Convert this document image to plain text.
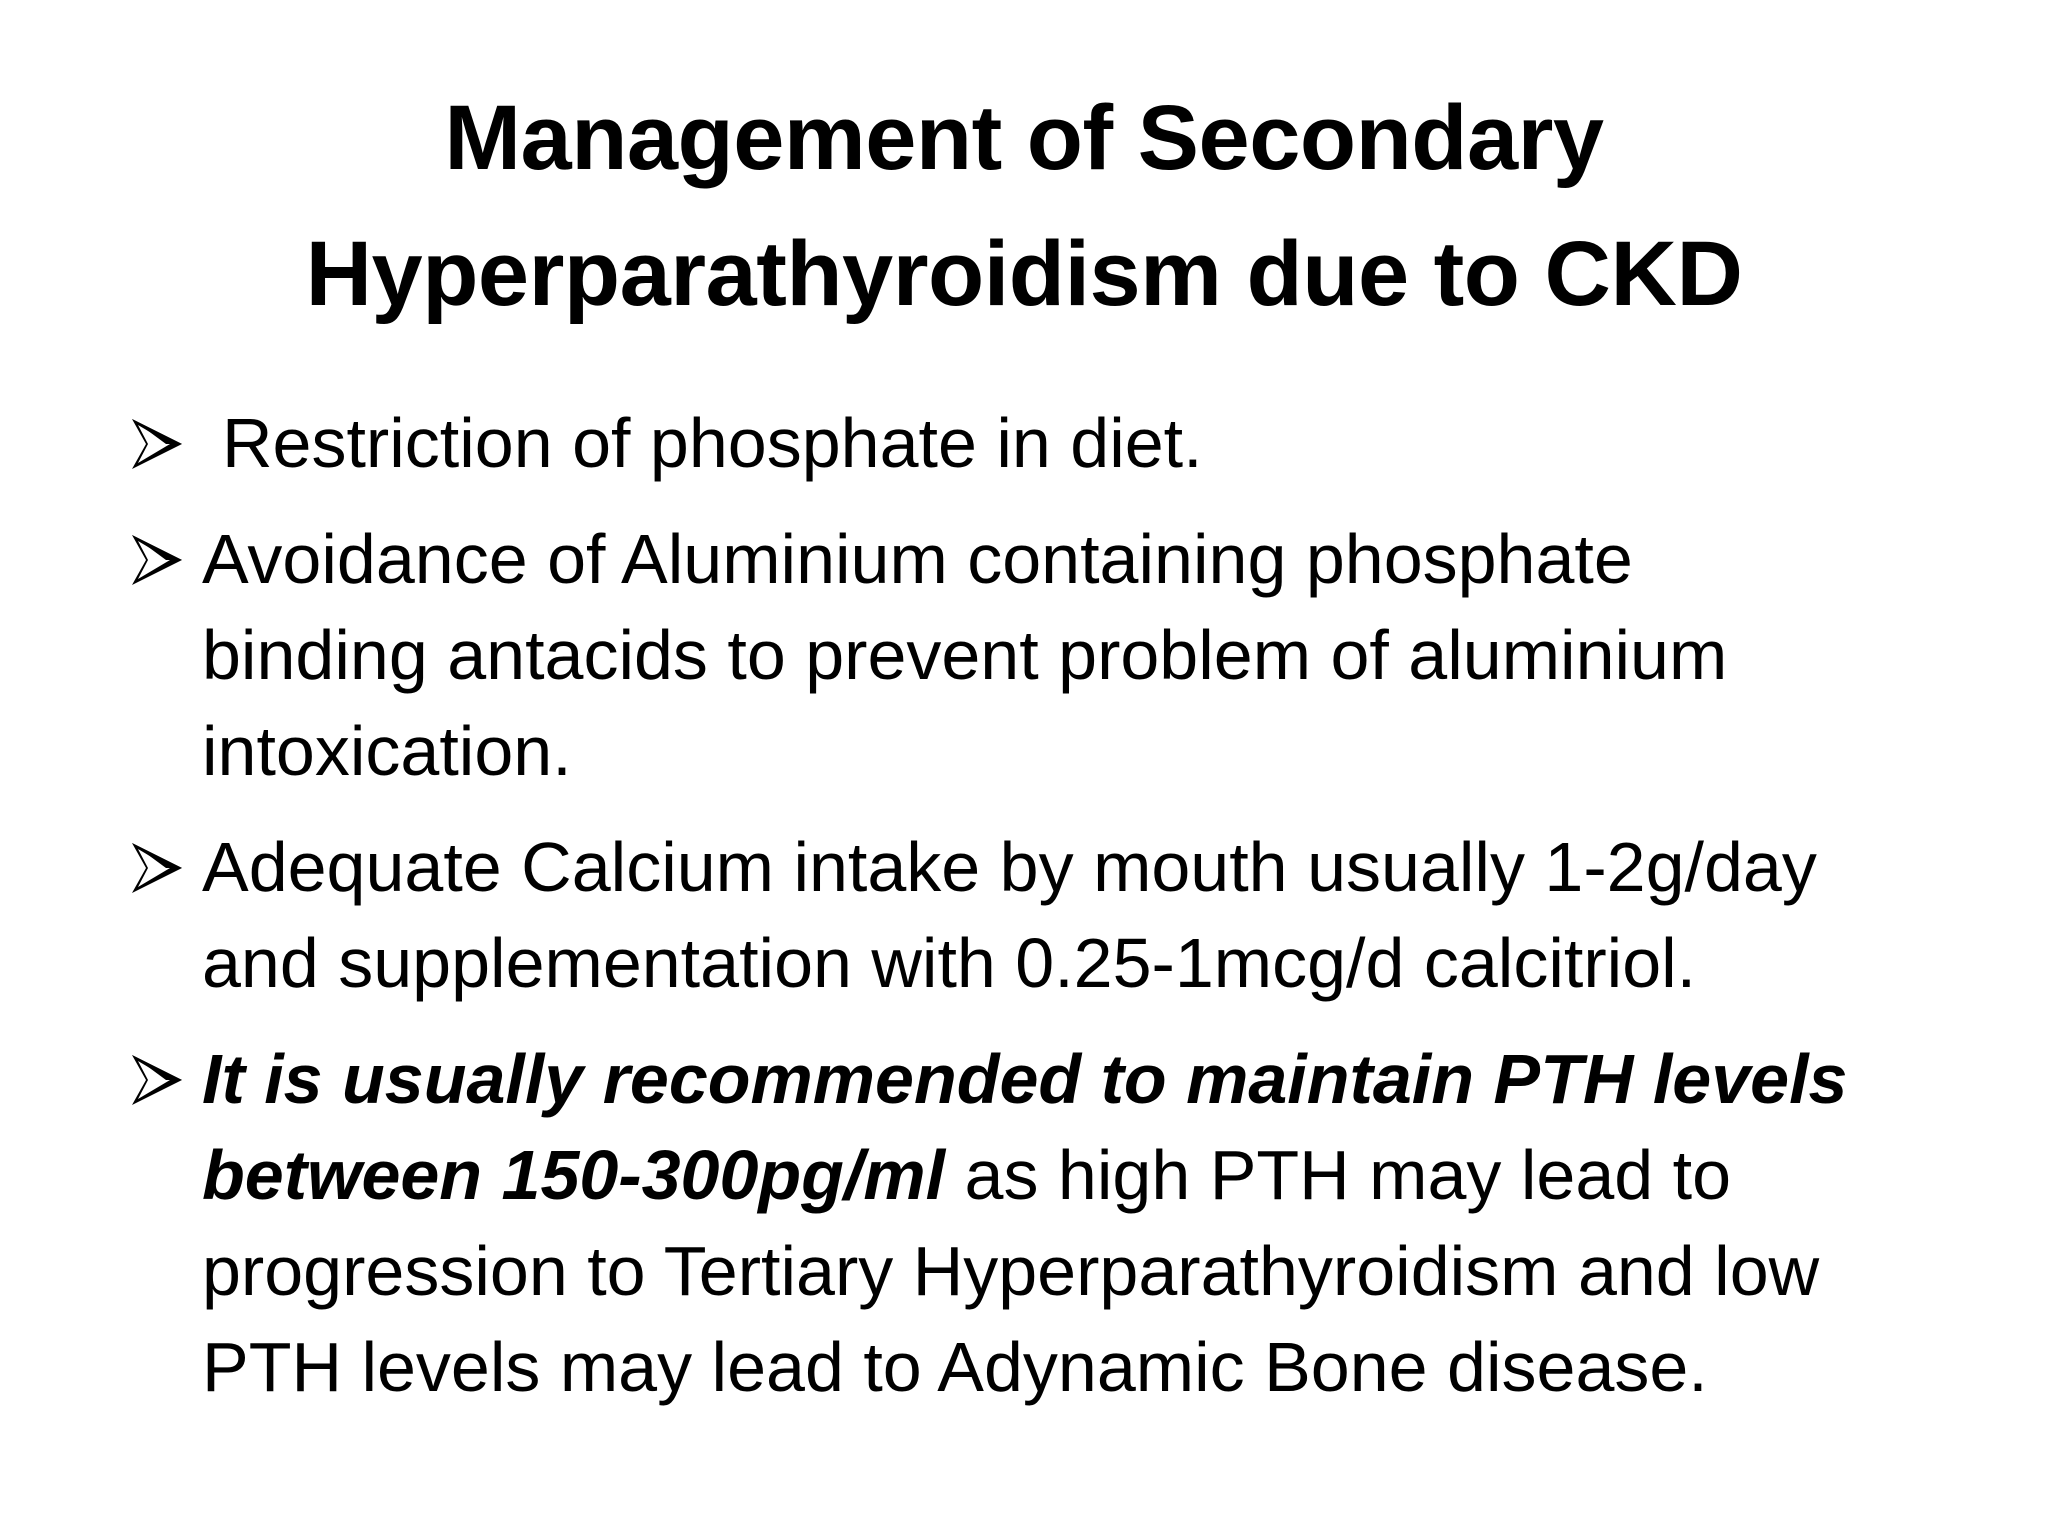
Management of Secondary
Hyperparathyroidism due to CKD
Restriction of phosphate in diet.
Avoidance of Aluminium containing phosphate
binding antacids to prevent problem of aluminium
intoxication.
Adequate Calcium intake by mouth usually 1-2g/day
and supplementation with 0.25-1mcg/d calcitriol.
It is usually recommended to maintain PTH levels
between 150-300pg/ml as high PTH may lead to
progression to Tertiary Hyperparathyroidism and low
PTH levels may lead to Adynamic Bone disease.
